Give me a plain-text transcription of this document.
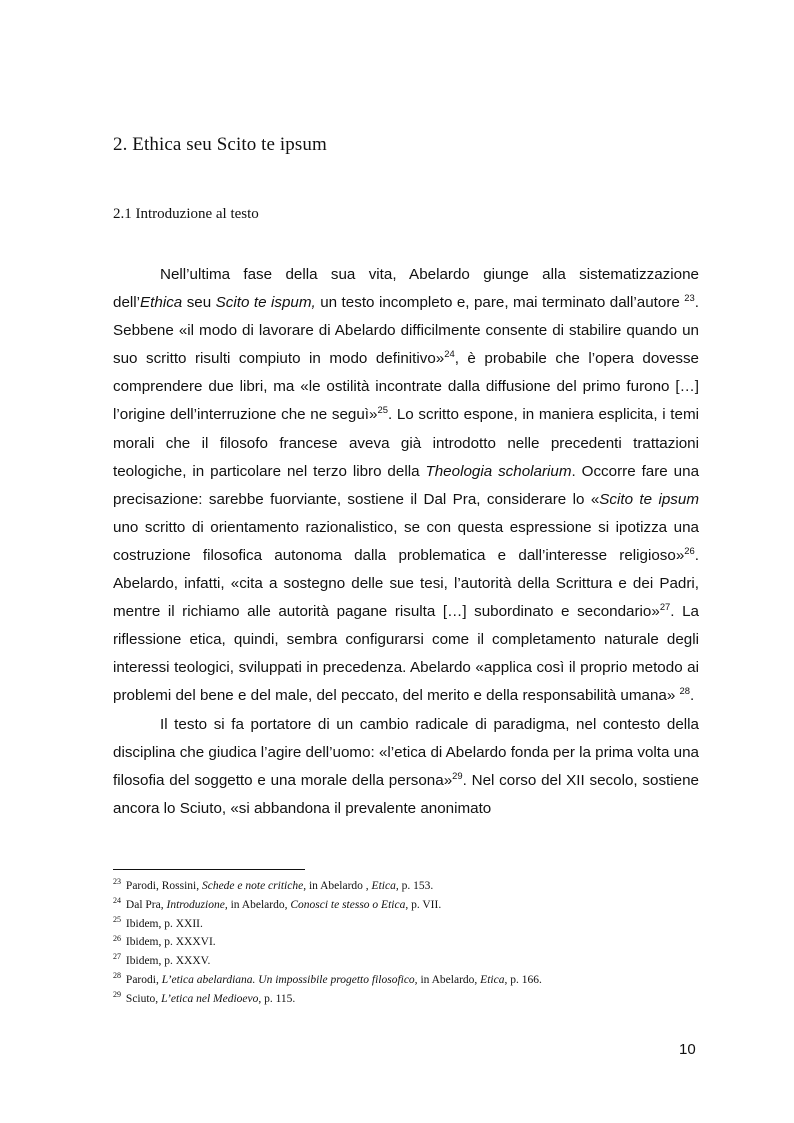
2. Ethica seu Scito te ipsum
2.1 Introduzione al testo

Nell’ultima fase della sua vita, Abelardo giunge alla sistematizzazione dell’Ethica seu Scito te ispum, un testo incompleto e, pare, mai terminato dall’autore $^{23}$. Sebbene «il modo di lavorare di Abelardo difficilmente consente di stabilire quando un suo scritto risulti compiuto in modo definitivo»$^{24}$, è probabile che l’opera dovesse comprendere due libri, ma «le ostilità incontrate dalla diffusione del primo furono […] l’origine dell’interruzione che ne seguì»$^{25}$. Lo scritto espone, in maniera esplicita, i temi morali che il filosofo francese aveva già introdotto nelle precedenti trattazioni teologiche, in particolare nel terzo libro della Theologia scholarium. Occorre fare una precisazione: sarebbe fuorviante, sostiene il Dal Pra, considerare lo «Scito te ipsum uno scritto di orientamento razionalistico, se con questa espressione si ipotizza una costruzione filosofica autonoma dalla problematica e dall’interesse religioso»$^{26}$. Abelardo, infatti, «cita a sostegno delle sue tesi, l’autorità della Scrittura e dei Padri, mentre il richiamo alle autorità pagane risulta […] subordinato e secondario»$^{27}$. La riflessione etica, quindi, sembra configurarsi come il completamento naturale degli interessi teologici, sviluppati in precedenza. Abelardo «applica così il proprio metodo ai problemi del bene e del male, del peccato, del merito e della responsabilità umana» $^{28}$.

Il testo si fa portatore di un cambio radicale di paradigma, nel contesto della disciplina che giudica l’agire dell’uomo: «l’etica di Abelardo fonda per la prima volta una filosofia del soggetto e una morale della persona»$^{29}$. Nel corso del XII secolo, sostiene ancora lo Sciuto, «si abbandona il prevalente anonimato

$^{23}$ Parodi, Rossini, Schede e note critiche, in Abelardo , Etica, p. 153.
$^{24}$ Dal Pra, Introduzione, in Abelardo, Conosci te stesso o Etica, p. VII.
$^{25}$ Ibidem, p. XXII.
$^{26}$ Ibidem, p. XXXVI.
$^{27}$ Ibidem, p. XXXV.
$^{28}$ Parodi, L’etica abelardiana. Un impossibile progetto filosofico, in Abelardo, Etica, p. 166.
$^{29}$ Sciuto, L’etica nel Medioevo, p. 115.
10
